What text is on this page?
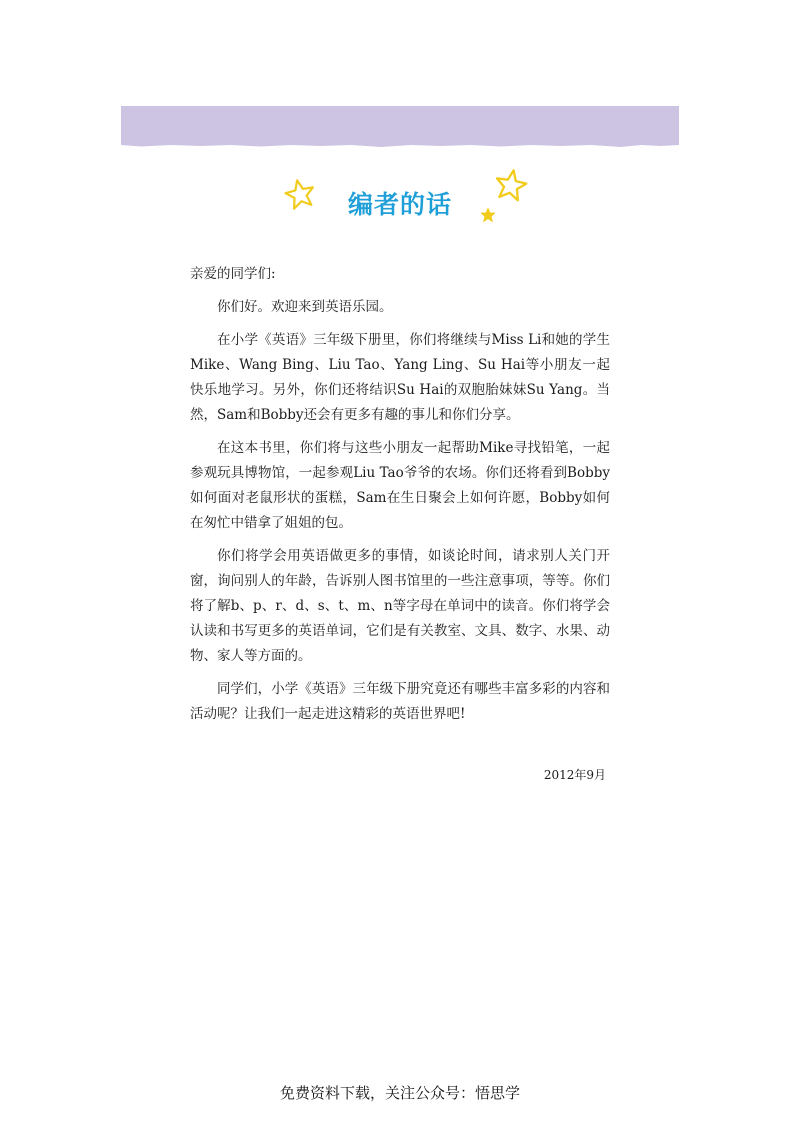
编者的话

亲爱的同学们:

你们好。欢迎来到英语乐园。

在小学《英语》三年级下册里，你们将继续与Miss Li和她的学生Mike、Wang Bing、Liu Tao、Yang Ling、Su Hai等小朋友一起快乐地学习。另外，你们还将结识Su Hai的双胞胎妹妹Su Yang。当然，Sam和Bobby还会有更多有趣的事儿和你们分享。

在这本书里，你们将与这些小朋友一起帮助Mike寻找铅笔，一起参观玩具博物馆，一起参观Liu Tao爷爷的农场。你们还将看到Bobby如何面对老鼠形状的蛋糕，Sam在生日聚会上如何许愿，Bobby如何在匆忙中错拿了姐姐的包。

你们将学会用英语做更多的事情，如谈论时间，请求别人关门开窗，询问别人的年龄，告诉别人图书馆里的一些注意事项，等等。你们将了解b、p、r、d、s、t、m、n等字母在单词中的读音。你们将学会认读和书写更多的英语单词，它们是有关教室、文具、数字、水果、动物、家人等方面的。

同学们，小学《英语》三年级下册究竟还有哪些丰富多彩的内容和活动呢？让我们一起走进这精彩的英语世界吧!

2012年9月

免费资料下载，关注公众号：悟思学
